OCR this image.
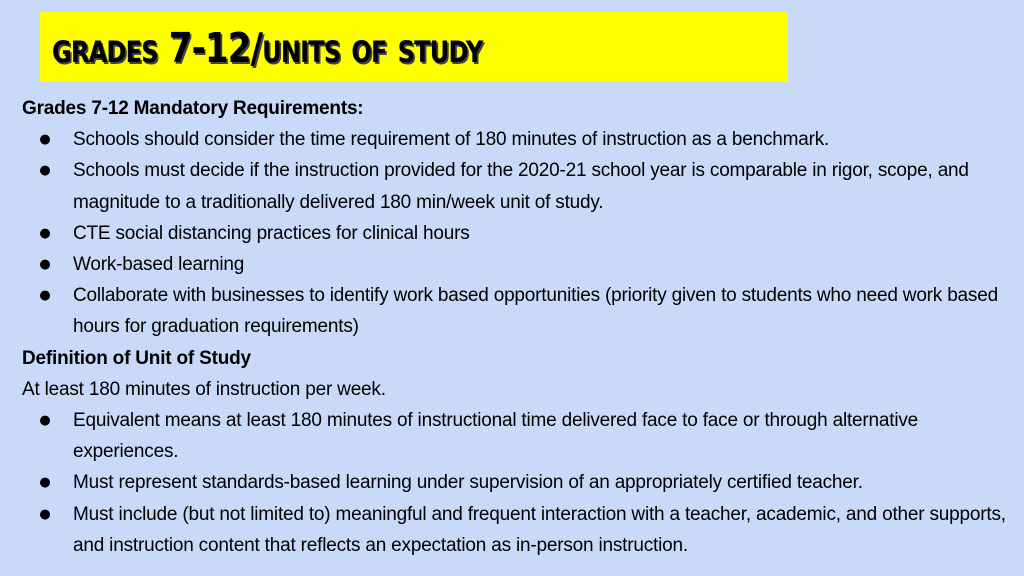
grades 7-12/units of study

Grades 7-12 Mandatory Requirements:

● Schools should consider the time requirement of 180 minutes of instruction as a benchmark.
● Schools must decide if the instruction provided for the 2020-21 school year is comparable in rigor, scope, and magnitude to a traditionally delivered 180 min/week unit of study.
● CTE social distancing practices for clinical hours
● Work-based learning
● Collaborate with businesses to identify work based opportunities (priority given to students who need work based hours for graduation requirements)

Definition of Unit of Study

At least 180 minutes of instruction per week.

● Equivalent means at least 180 minutes of instructional time delivered face to face or through alternative experiences.
● Must represent standards-based learning under supervision of an appropriately certified teacher.
● Must include (but not limited to) meaningful and frequent interaction with a teacher, academic, and other supports, and instruction content that reflects an expectation as in-person instruction.
